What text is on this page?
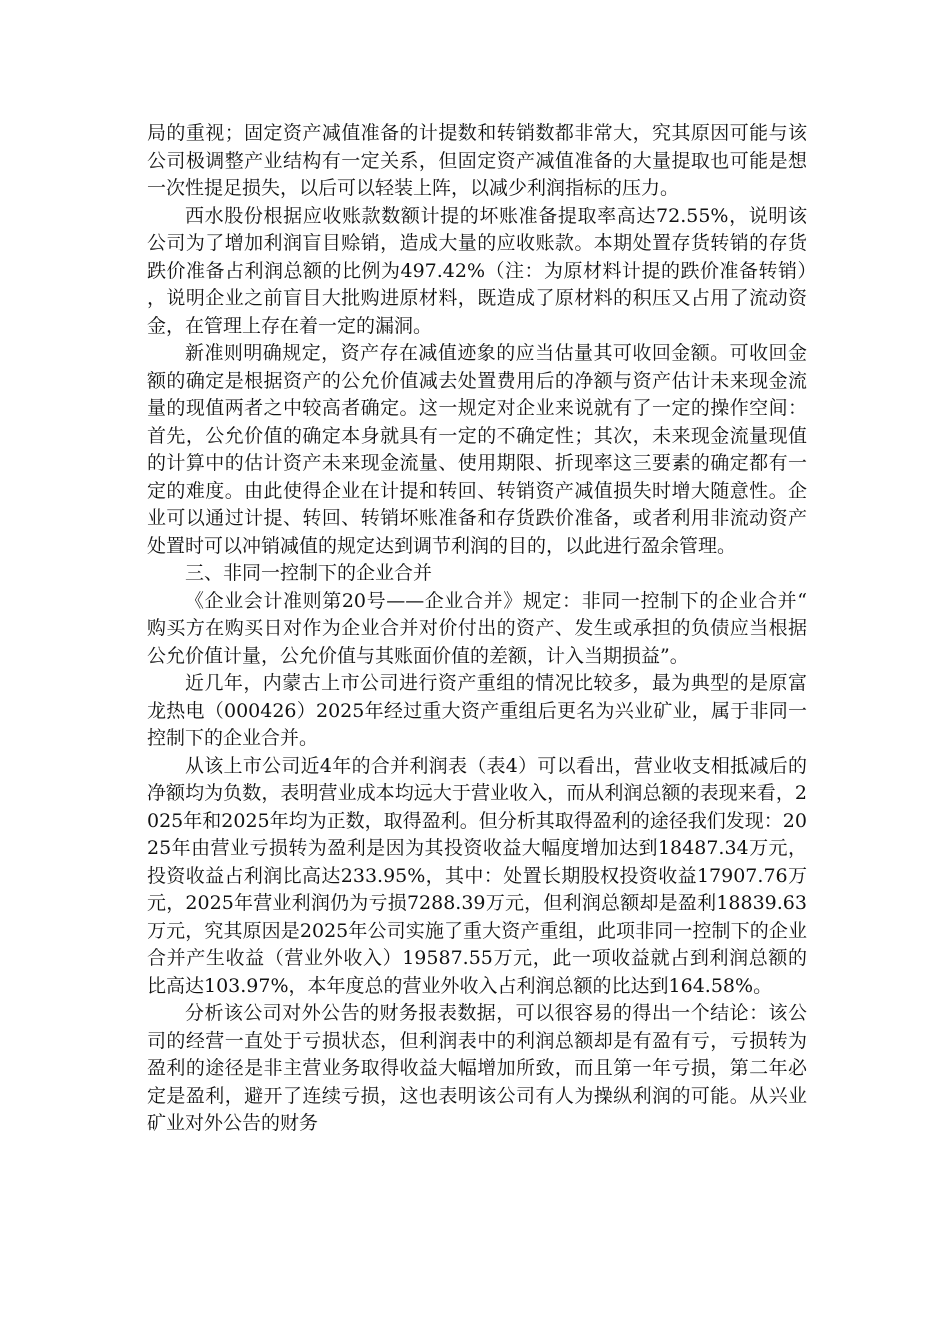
局的重视；固定资产减值准备的计提数和转销数都非常大，究其原因可能与该公司极调整产业结构有一定关系，但固定资产减值准备的大量提取也可能是想一次性提足损失，以后可以轻装上阵，以减少利润指标的压力。

西水股份根据应收账款数额计提的坏账准备提取率高达72.55%，说明该公司为了增加利润盲目赊销，造成大量的应收账款。本期处置存货转销的存货跌价准备占利润总额的比例为497.42%（注：为原材料计提的跌价准备转销），说明企业之前盲目大批购进原材料，既造成了原材料的积压又占用了流动资金，在管理上存在着一定的漏洞。

新准则明确规定，资产存在减值迹象的应当估量其可收回金额。可收回金额的确定是根据资产的公允价值减去处置费用后的净额与资产估计未来现金流量的现值两者之中较高者确定。这一规定对企业来说就有了一定的操作空间：首先，公允价值的确定本身就具有一定的不确定性；其次，未来现金流量现值的计算中的估计资产未来现金流量、使用期限、折现率这三要素的确定都有一定的难度。由此使得企业在计提和转回、转销资产减值损失时增大随意性。企业可以通过计提、转回、转销坏账准备和存货跌价准备，或者利用非流动资产处置时可以冲销减值的规定达到调节利润的目的，以此进行盈余管理。

三、非同一控制下的企业合并

《企业会计准则第20号——企业合并》规定：非同一控制下的企业合并“购买方在购买日对作为企业合并对价付出的资产、发生或承担的负债应当根据公允价值计量，公允价值与其账面价值的差额，计入当期损益”。

近几年，内蒙古上市公司进行资产重组的情况比较多，最为典型的是原富龙热电（000426）2025年经过重大资产重组后更名为兴业矿业，属于非同一控制下的企业合并。

从该上市公司近4年的合并利润表（表4）可以看出，营业收支相抵减后的净额均为负数，表明营业成本均远大于营业收入，而从利润总额的表现来看，2025年和2025年均为正数，取得盈利。但分析其取得盈利的途径我们发现：2025年由营业亏损转为盈利是因为其投资收益大幅度增加达到18487.34万元，投资收益占利润比高达233.95%，其中：处置长期股权投资收益17907.76万元，2025年营业利润仍为亏损7288.39万元，但利润总额却是盈利18839.63万元，究其原因是2025年公司实施了重大资产重组，此项非同一控制下的企业合并产生收益（营业外收入）19587.55万元，此一项收益就占到利润总额的比高达103.97%，本年度总的营业外收入占利润总额的比达到164.58%。

分析该公司对外公告的财务报表数据，可以很容易的得出一个结论：该公司的经营一直处于亏损状态，但利润表中的利润总额却是有盈有亏，亏损转为盈利的途径是非主营业务取得收益大幅增加所致，而且第一年亏损，第二年必定是盈利，避开了连续亏损，这也表明该公司有人为操纵利润的可能。从兴业矿业对外公告的财务
